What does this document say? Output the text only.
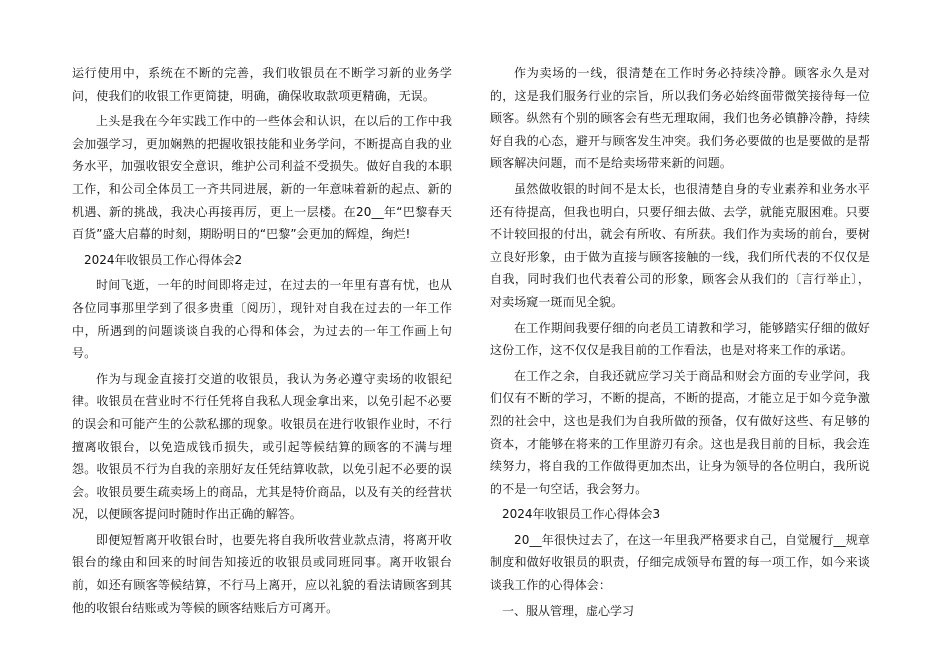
运行使用中，系统在不断的完善，我们收银员在不断学习新的业务学问，使我们的收银工作更简捷，明确，确保收取款项更精确，无误。

上头是我在今年实践工作中的一些体会和认识，在以后的工作中我会加强学习，更加娴熟的把握收银技能和业务学问，不断提高自我的业务水平，加强收银安全意识，维护公司利益不受损失。做好自我的本职工作，和公司全体员工一齐共同进展，新的一年意味着新的起点、新的机遇、新的挑战，我决心再接再厉，更上一层楼。在20__年“巴黎春天百货”盛大启幕的时刻，期盼明日的“巴黎”会更加的辉煌，绚烂!

2024年收银员工作心得体会2

时间飞逝，一年的时间即将走过，在过去的一年里有喜有忧，也从各位同事那里学到了很多贵重〔阅历〕，现针对自我在过去的一年工作中，所遇到的问题谈谈自我的心得和体会，为过去的一年工作画上句号。

作为与现金直接打交道的收银员，我认为务必遵守卖场的收银纪律。收银员在营业时不行任凭将自我私人现金拿出来，以免引起不必要的误会和可能产生的公款私挪的现象。收银员在进行收银作业时，不行擅离收银台，以免造成钱币损失，或引起等候结算的顾客的不满与埋怨。收银员不行为自我的亲朋好友任凭结算收款，以免引起不必要的误会。收银员要生疏卖场上的商品，尤其是特价商品，以及有关的经营状况，以便顾客提问时随时作出正确的解答。

即便短暂离开收银台时，也要先将自我所收营业款点清，将离开收银台的缘由和回来的时间告知接近的收银员或同班同事。离开收银台前，如还有顾客等候结算，不行马上离开，应以礼貌的看法请顾客到其他的收银台结账或为等候的顾客结账后方可离开。

作为卖场的一线，很清楚在工作时务必持续冷静。顾客永久是对的，这是我们服务行业的宗旨，所以我们务必始终面带微笑接待每一位顾客。纵然有个别的顾客会有些无理取闹，我们也务必镇静冷静，持续好自我的心态，避开与顾客发生冲突。我们务必要做的也是要做的是帮顾客解决问题，而不是给卖场带来新的问题。

虽然做收银的时间不是太长，也很清楚自身的专业素养和业务水平还有待提高，但我也明白，只要仔细去做、去学，就能克服困难。只要不计较回报的付出，就会有所收、有所获。我们作为卖场的前台，要树立良好形象，由于做为直接与顾客接触的一线，我们所代表的不仅仅是自我，同时我们也代表着公司的形象，顾客会从我们的〔言行举止〕，对卖场窥一斑而见全貌。

在工作期间我要仔细的向老员工请教和学习，能够踏实仔细的做好这份工作，这不仅仅是我目前的工作看法，也是对将来工作的承诺。

在工作之余，自我还就应学习关于商品和财会方面的专业学问，我们仅有不断的学习，不断的提高，不断的提高，才能立足于如今竞争激烈的社会中，这也是我们为自我所做的预备，仅有做好这些、有足够的资本，才能够在将来的工作里游刃有余。这也是我目前的目标，我会连续努力，将自我的工作做得更加杰出，让身为领导的各位明白，我所说的不是一句空话，我会努力。

2024年收银员工作心得体会3

20__年很快过去了，在这一年里我严格要求自己，自觉履行__规章制度和做好收银员的职责，仔细完成领导布置的每一项工作，如今来谈谈我工作的心得体会：

一、服从管理，虚心学习
